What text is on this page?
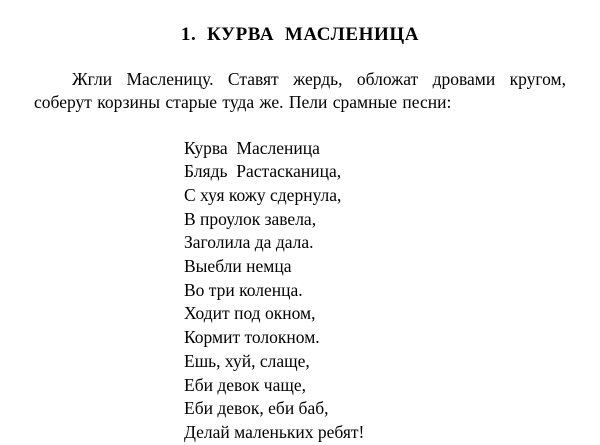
1.  КУРВА  МАСЛЕНИЦА

Жгли Масленицу. Ставят жердь, обложат дровами кругом, соберут корзины старые туда же. Пели срамные песни:

Курва  Масленица
Блядь  Растасканица,
С хуя кожу сдернула,
В проулок завела,
Заголила да дала.
Выебли немца
Во три коленца.
Ходит под окном,
Кормит толокном.
Ешь, хуй, слаще,
Еби девок чаще,
Еби девок, еби баб,
Делай маленьких ребят!
